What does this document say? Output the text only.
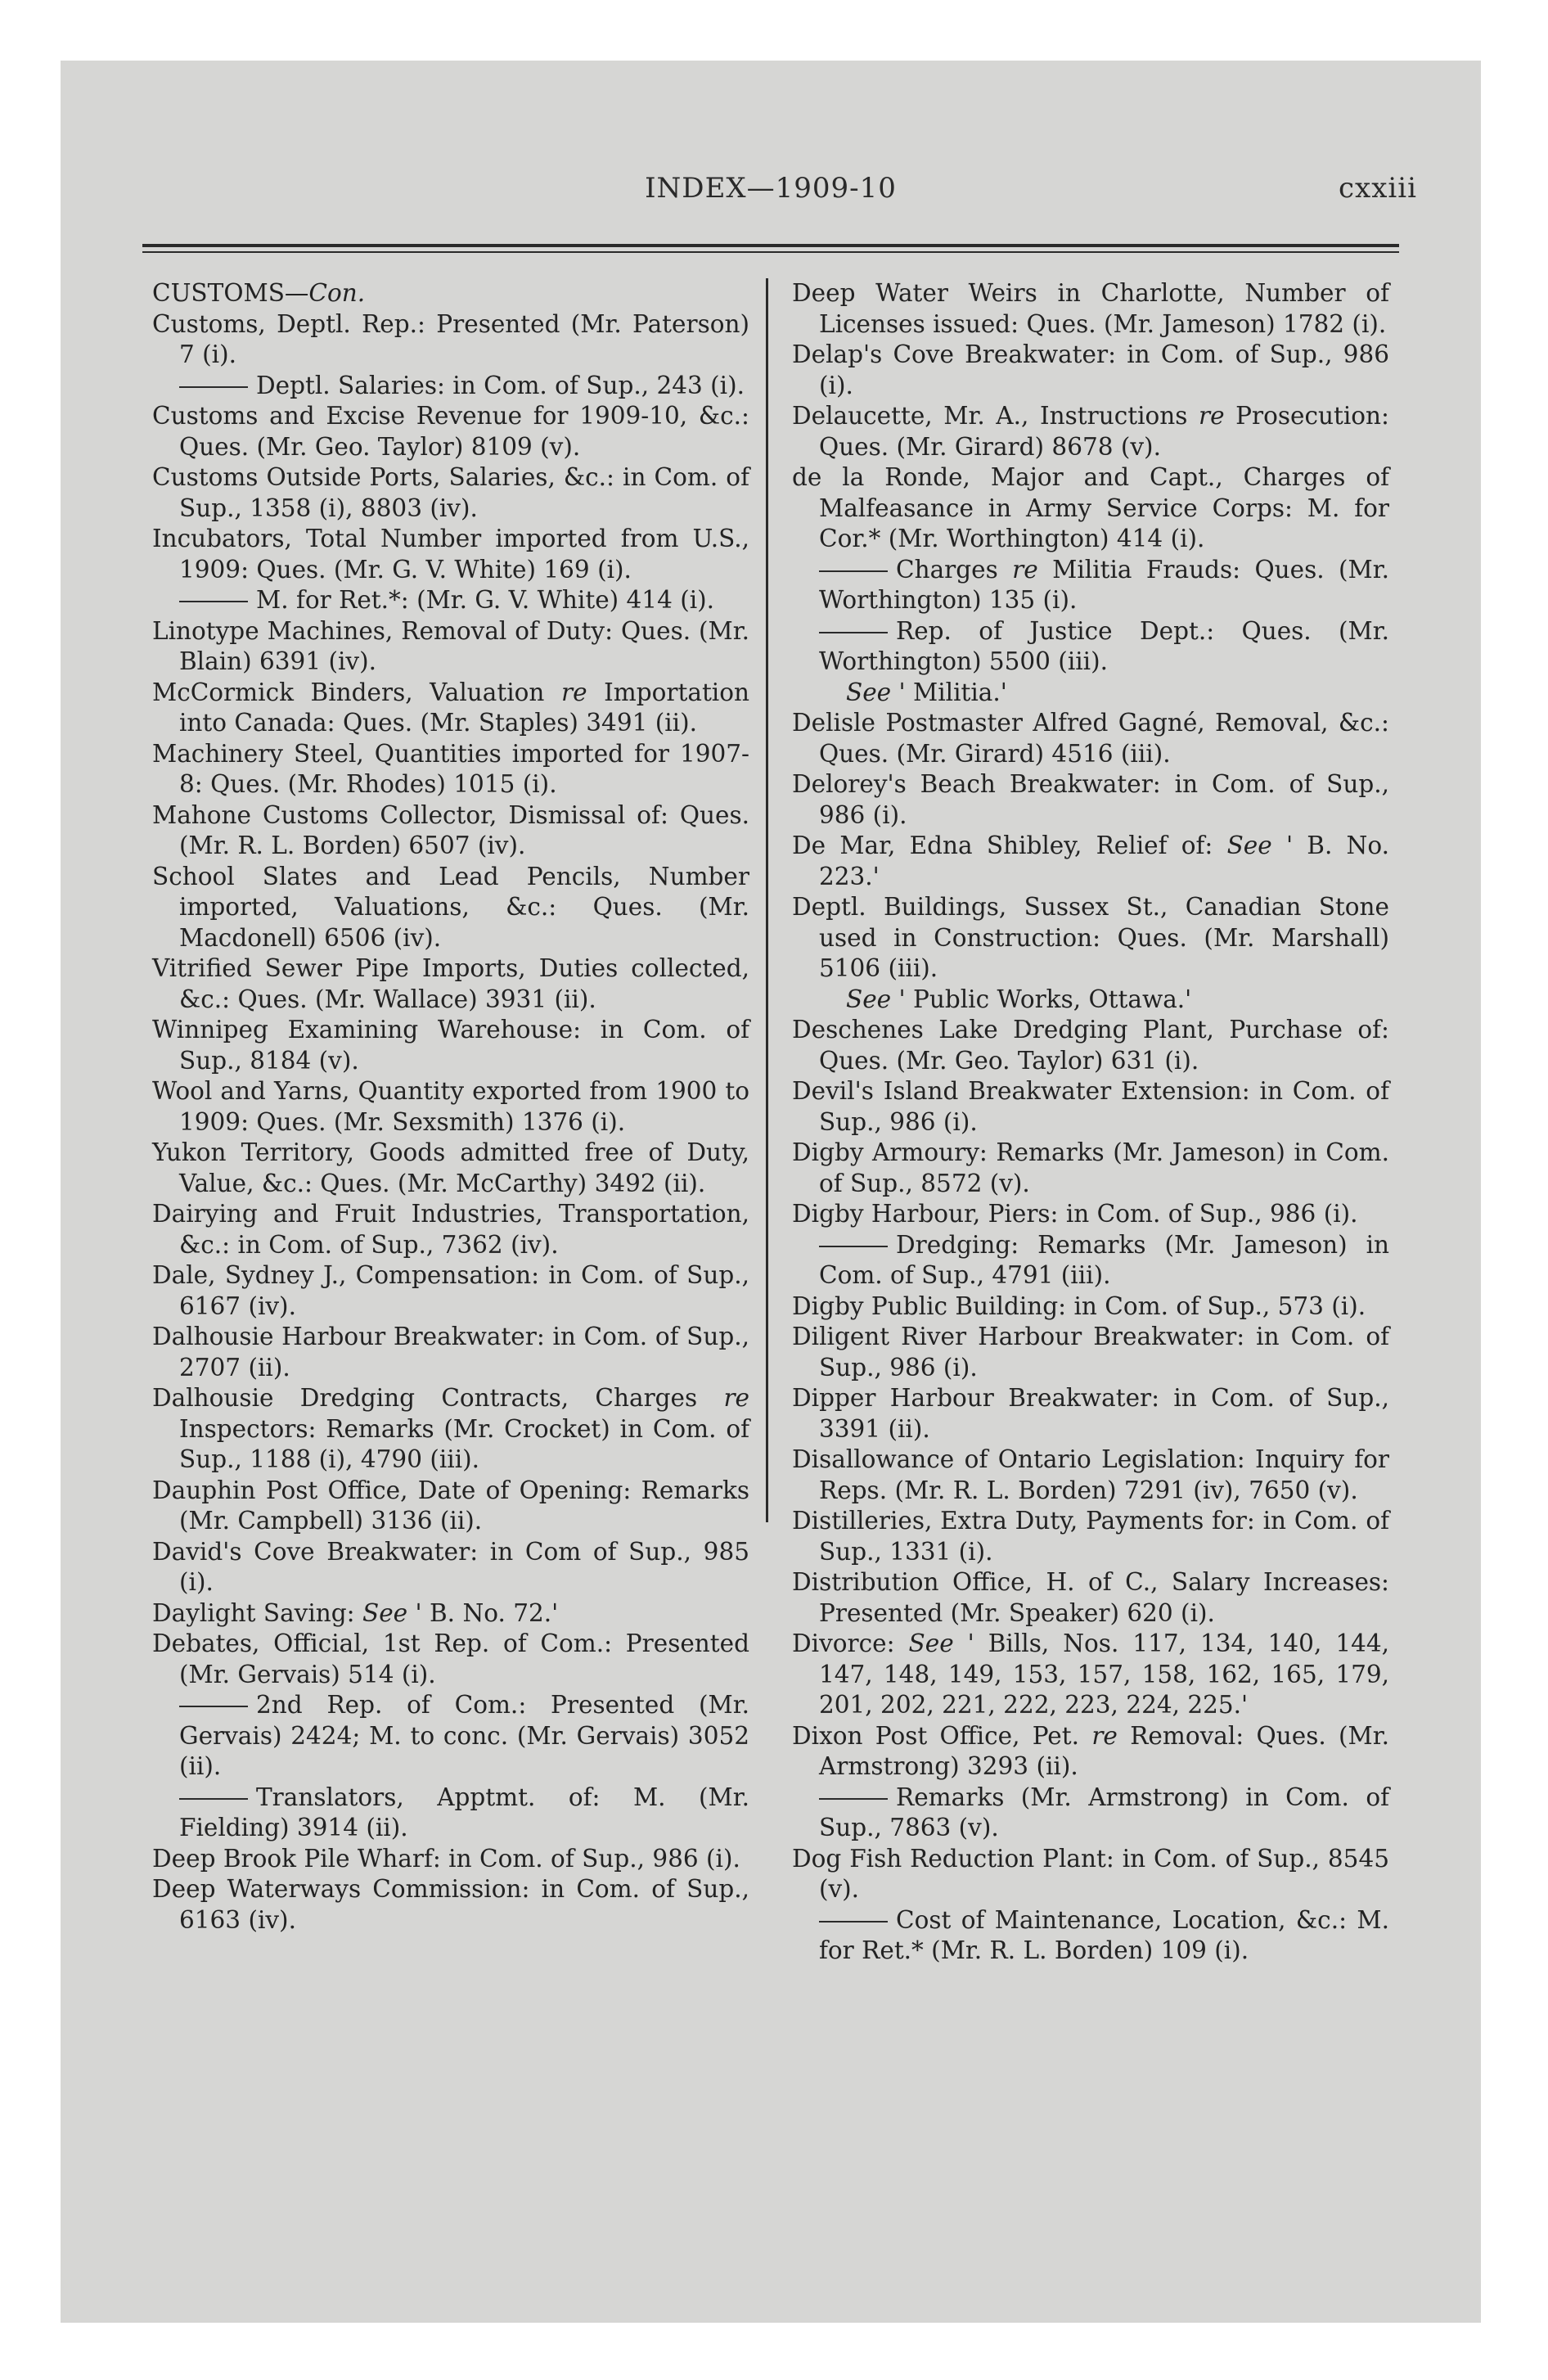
INDEX—1909-10	cxxiii

CUSTOMS—Con.

Customs, Deptl. Rep.: Presented (Mr. Paterson) 7 (i).

Deptl. Salaries: in Com. of Sup., 243 (i).

Customs and Excise Revenue for 1909-10, &c.: Ques. (Mr. Geo. Taylor) 8109 (v).

Customs Outside Ports, Salaries, &c.: in Com. of Sup., 1358 (i), 8803 (iv).

Incubators, Total Number imported from U.S., 1909: Ques. (Mr. G. V. White) 169 (i).

M. for Ret.*: (Mr. G. V. White) 414 (i).

Linotype Machines, Removal of Duty: Ques. (Mr. Blain) 6391 (iv).

McCormick Binders, Valuation re Importation into Canada: Ques. (Mr. Staples) 3491 (ii).

Machinery Steel, Quantities imported for 1907-8: Ques. (Mr. Rhodes) 1015 (i).

Mahone Customs Collector, Dismissal of: Ques. (Mr. R. L. Borden) 6507 (iv).

School Slates and Lead Pencils, Number imported, Valuations, &c.: Ques. (Mr. Macdonell) 6506 (iv).

Vitrified Sewer Pipe Imports, Duties collected, &c.: Ques. (Mr. Wallace) 3931 (ii).

Winnipeg Examining Warehouse: in Com. of Sup., 8184 (v).

Wool and Yarns, Quantity exported from 1900 to 1909: Ques. (Mr. Sexsmith) 1376 (i).

Yukon Territory, Goods admitted free of Duty, Value, &c.: Ques. (Mr. McCarthy) 3492 (ii).

Dairying and Fruit Industries, Transportation, &c.: in Com. of Sup., 7362 (iv).

Dale, Sydney J., Compensation: in Com. of Sup., 6167 (iv).

Dalhousie Harbour Breakwater: in Com. of Sup., 2707 (ii).

Dalhousie Dredging Contracts, Charges re Inspectors: Remarks (Mr. Crocket) in Com. of Sup., 1188 (i), 4790 (iii).

Dauphin Post Office, Date of Opening: Remarks (Mr. Campbell) 3136 (ii).

David's Cove Breakwater: in Com of Sup., 985 (i).

Daylight Saving: See ' B. No. 72.'

Debates, Official, 1st Rep. of Com.: Presented (Mr. Gervais) 514 (i).

2nd Rep. of Com.: Presented (Mr. Gervais) 2424; M. to conc. (Mr. Gervais) 3052 (ii).

Translators, Apptmt. of: M. (Mr. Fielding) 3914 (ii).

Deep Brook Pile Wharf: in Com. of Sup., 986 (i).

Deep Waterways Commission: in Com. of Sup., 6163 (iv).

Deep Water Weirs in Charlotte, Number of Licenses issued: Ques. (Mr. Jameson) 1782 (i).

Delap's Cove Breakwater: in Com. of Sup., 986 (i).

Delaucette, Mr. A., Instructions re Prosecution: Ques. (Mr. Girard) 8678 (v).

de la Ronde, Major and Capt., Charges of Malfeasance in Army Service Corps: M. for Cor.* (Mr. Worthington) 414 (i).

Charges re Militia Frauds: Ques. (Mr. Worthington) 135 (i).

Rep. of Justice Dept.: Ques. (Mr. Worthington) 5500 (iii).

See ' Militia.'

Delisle Postmaster Alfred Gagné, Removal, &c.: Ques. (Mr. Girard) 4516 (iii).

Delorey's Beach Breakwater: in Com. of Sup., 986 (i).

De Mar, Edna Shibley, Relief of: See ' B. No. 223.'

Deptl. Buildings, Sussex St., Canadian Stone used in Construction: Ques. (Mr. Marshall) 5106 (iii).

See ' Public Works, Ottawa.'

Deschenes Lake Dredging Plant, Purchase of: Ques. (Mr. Geo. Taylor) 631 (i).

Devil's Island Breakwater Extension: in Com. of Sup., 986 (i).

Digby Armoury: Remarks (Mr. Jameson) in Com. of Sup., 8572 (v).

Digby Harbour, Piers: in Com. of Sup., 986 (i).

Dredging: Remarks (Mr. Jameson) in Com. of Sup., 4791 (iii).

Digby Public Building: in Com. of Sup., 573 (i).

Diligent River Harbour Breakwater: in Com. of Sup., 986 (i).

Dipper Harbour Breakwater: in Com. of Sup., 3391 (ii).

Disallowance of Ontario Legislation: Inquiry for Reps. (Mr. R. L. Borden) 7291 (iv), 7650 (v).

Distilleries, Extra Duty, Payments for: in Com. of Sup., 1331 (i).

Distribution Office, H. of C., Salary Increases: Presented (Mr. Speaker) 620 (i).

Divorce: See ' Bills, Nos. 117, 134, 140, 144, 147, 148, 149, 153, 157, 158, 162, 165, 179, 201, 202, 221, 222, 223, 224, 225.'

Dixon Post Office, Pet. re Removal: Ques. (Mr. Armstrong) 3293 (ii).

Remarks (Mr. Armstrong) in Com. of Sup., 7863 (v).

Dog Fish Reduction Plant: in Com. of Sup., 8545 (v).

Cost of Maintenance, Location, &c.: M. for Ret.* (Mr. R. L. Borden) 109 (i).
